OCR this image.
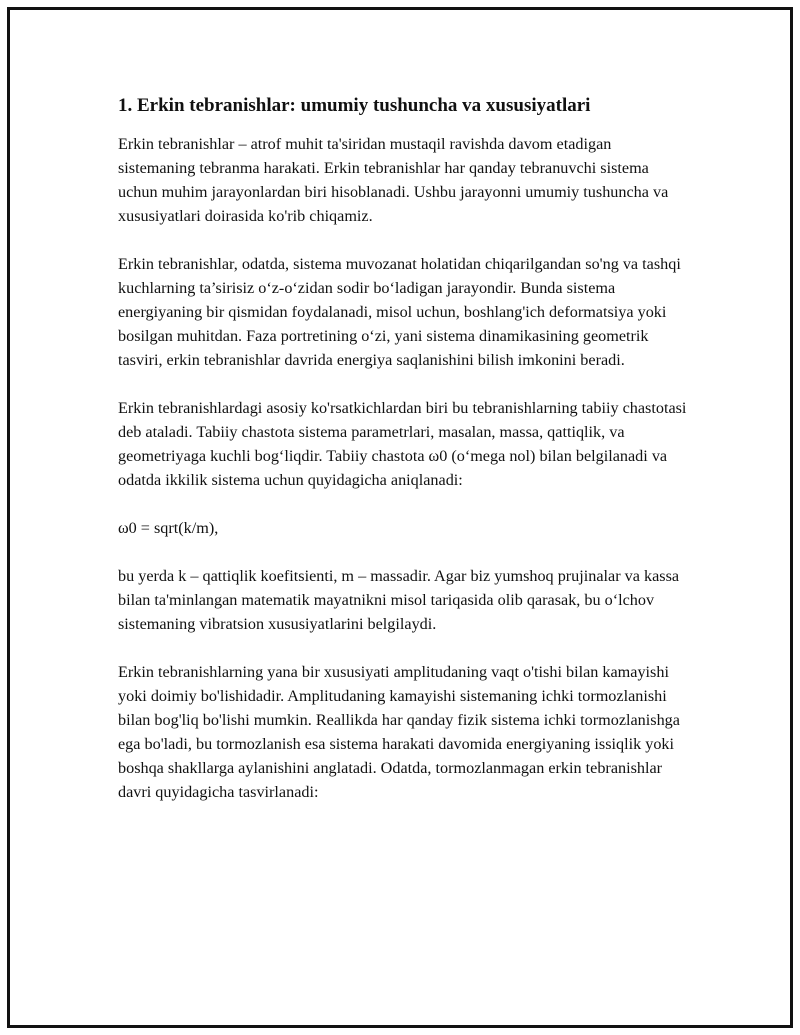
1. Erkin tebranishlar: umumiy tushuncha va xususiyatlari

Erkin tebranishlar – atrof muhit ta'siridan mustaqil ravishda davom etadigan sistemaning tebranma harakati. Erkin tebranishlar har qanday tebranuvchi sistema uchun muhim jarayonlardan biri hisoblanadi. Ushbu jarayonni umumiy tushuncha va xususiyatlari doirasida ko'rib chiqamiz.

Erkin tebranishlar, odatda, sistema muvozanat holatidan chiqarilgandan so'ng va tashqi kuchlarning ta’sirisiz o‘z-o‘zidan sodir bo‘ladigan jarayondir. Bunda sistema energiyaning bir qismidan foydalanadi, misol uchun, boshlang'ich deformatsiya yoki bosilgan muhitdan. Faza portretining o‘zi, yani sistema dinamikasining geometrik tasviri, erkin tebranishlar davrida energiya saqlanishini bilish imkonini beradi.

Erkin tebranishlardagi asosiy ko'rsatkichlardan biri bu tebranishlarning tabiiy chastotasi deb ataladi. Tabiiy chastota sistema parametrlari, masalan, massa, qattiqlik, va geometriyaga kuchli bog‘liqdir. Tabiiy chastota ω0 (o‘mega nol) bilan belgilanadi va odatda ikkilik sistema uchun quyidagicha aniqlanadi:

ω0 = sqrt(k/m),

bu yerda k – qattiqlik koefitsienti, m – massadir. Agar biz yumshoq prujinalar va kassa bilan ta'minlangan matematik mayatnikni misol tariqasida olib qarasak, bu o‘lchov sistemaning vibratsion xususiyatlarini belgilaydi.

Erkin tebranishlarning yana bir xususiyati amplitudaning vaqt o'tishi bilan kamayishi yoki doimiy bo'lishidadir. Amplitudaning kamayishi sistemaning ichki tormozlanishi bilan bog'liq bo'lishi mumkin. Reallikda har qanday fizik sistema ichki tormozlanishga ega bo'ladi, bu tormozlanish esa sistema harakati davomida energiyaning issiqlik yoki boshqa shakllarga aylanishini anglatadi. Odatda, tormozlanmagan erkin tebranishlar davri quyidagicha tasvirlanadi:
